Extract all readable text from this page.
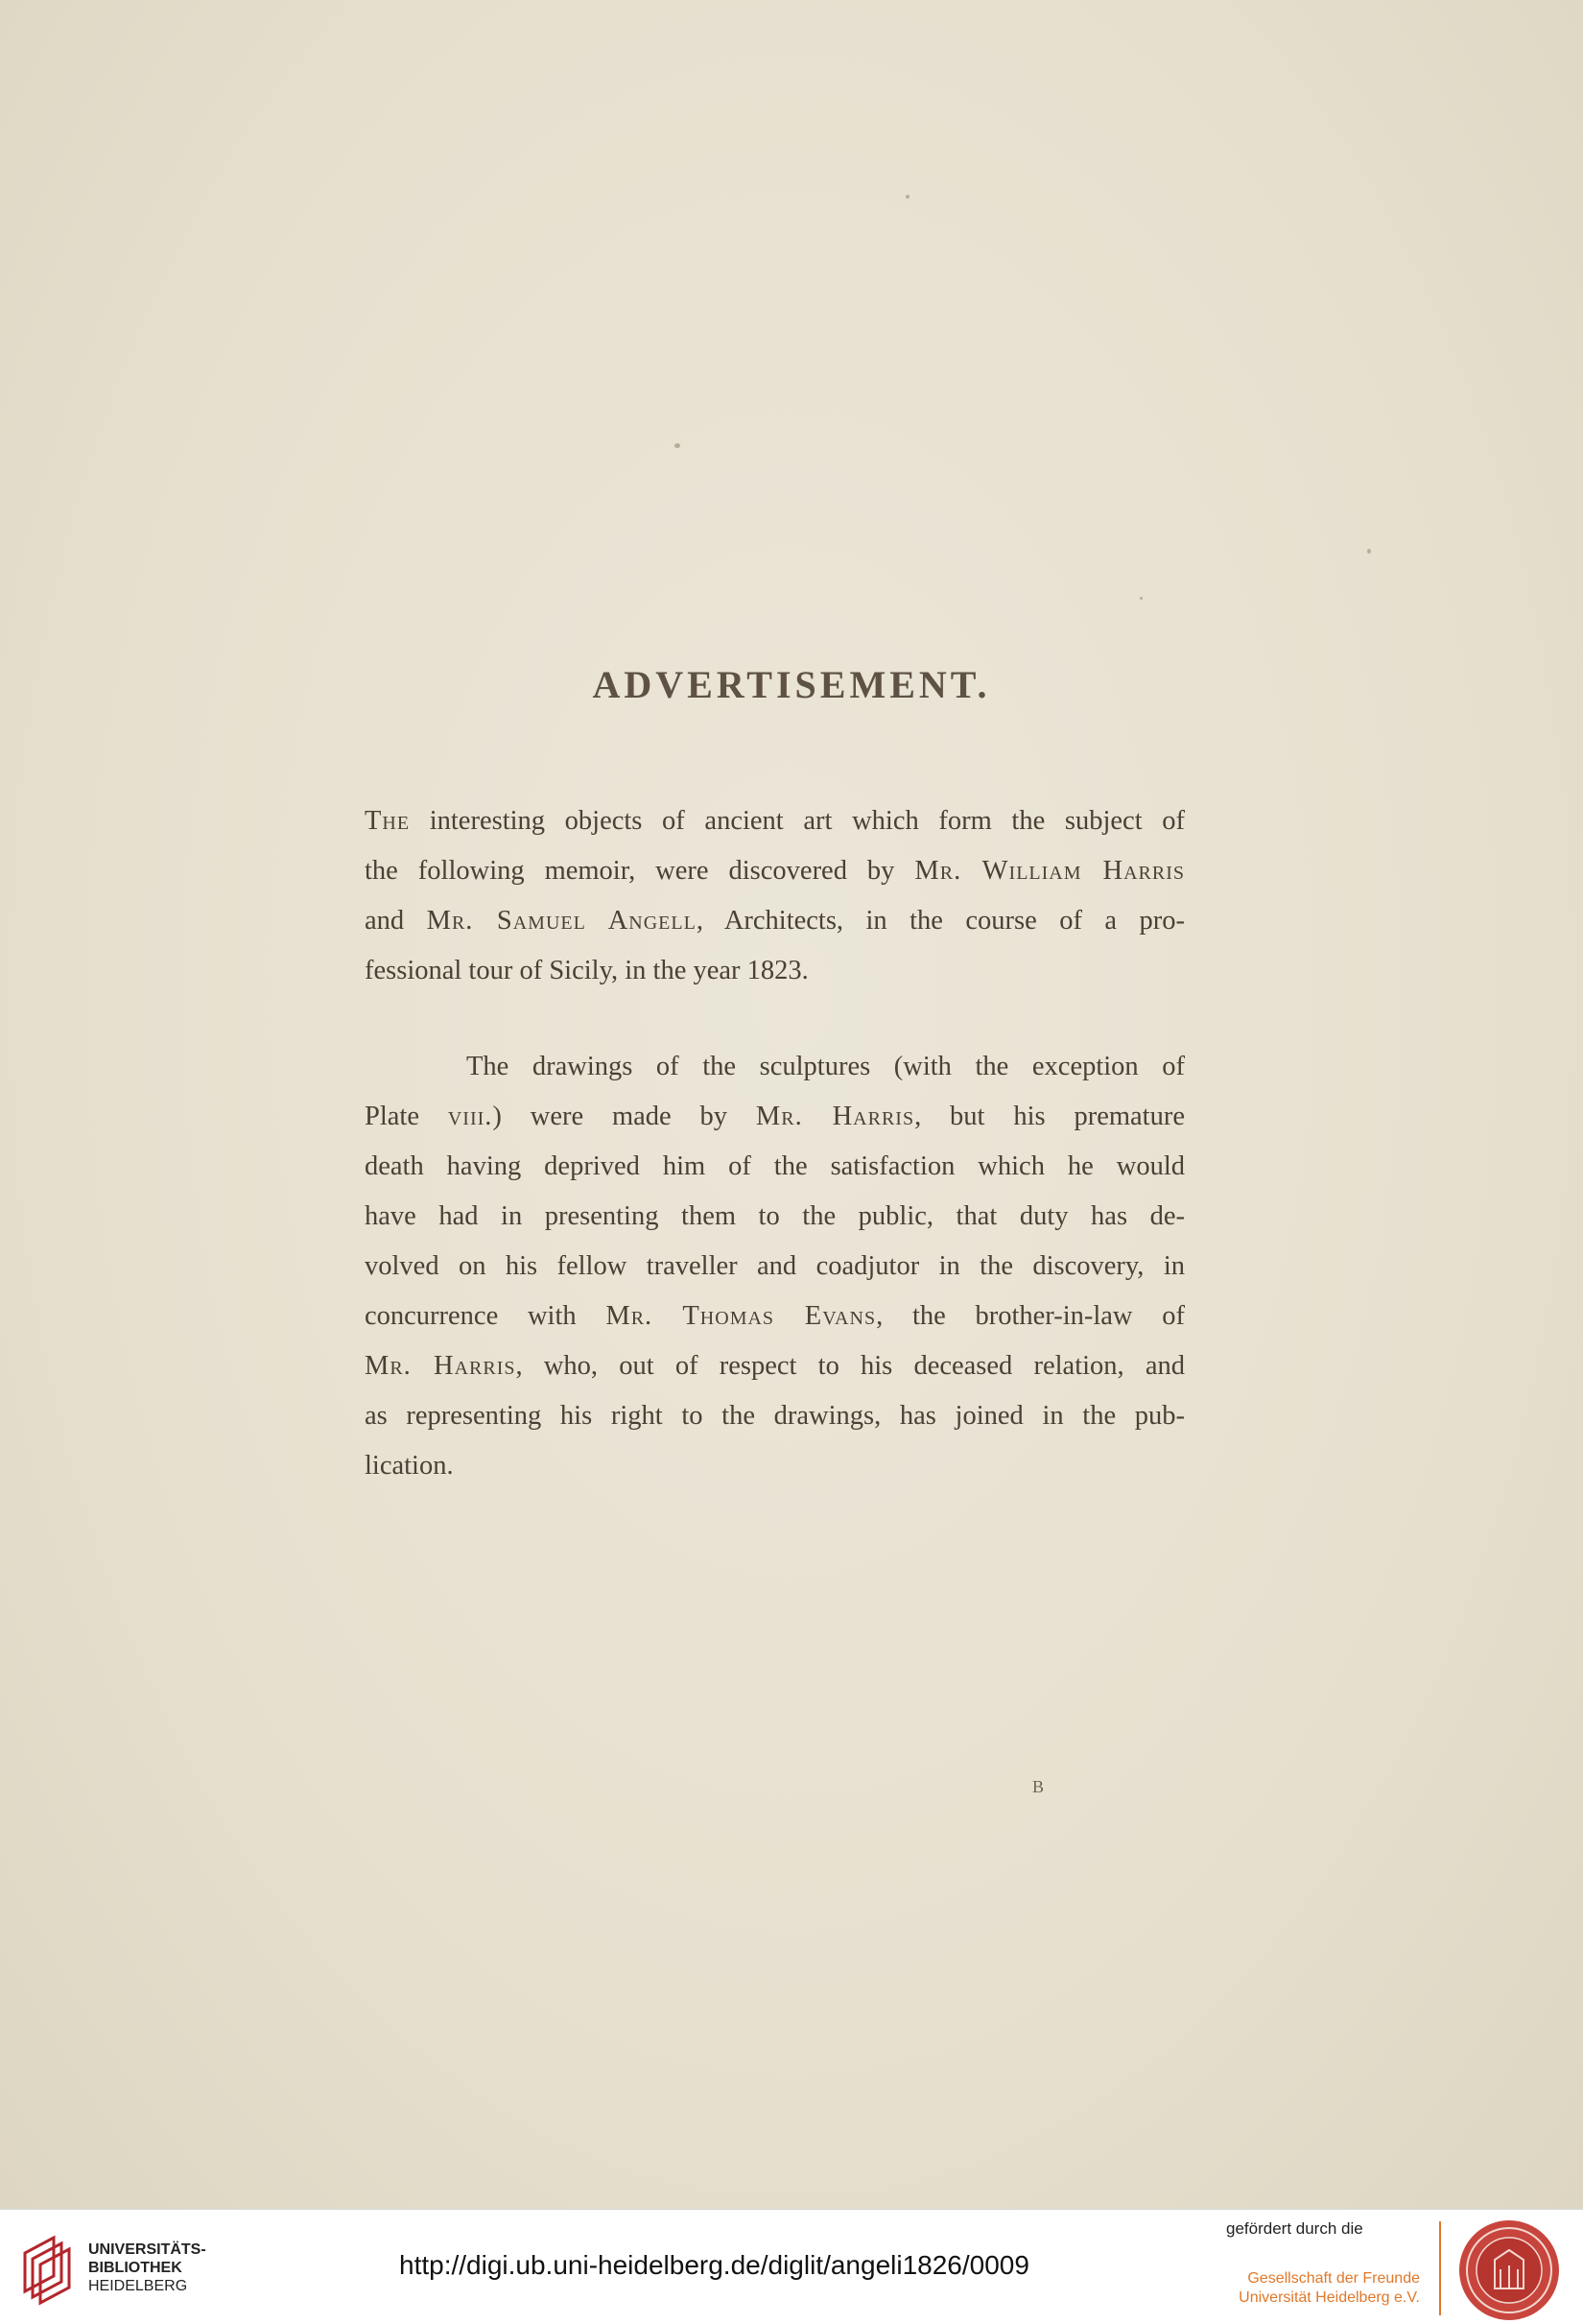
ADVERTISEMENT.
The interesting objects of ancient art which form the subject of
the following memoir, were discovered by Mr. William Harris
and Mr. Samuel Angell, Architects, in the course of a pro-
fessional tour of Sicily, in the year 1823.
The drawings of the sculptures (with the exception of
Plate viii.) were made by Mr. Harris, but his premature
death having deprived him of the satisfaction which he would
have had in presenting them to the public, that duty has de-
volved on his fellow traveller and coadjutor in the discovery, in
concurrence with Mr. Thomas Evans, the brother-in-law of
Mr. Harris, who, out of respect to his deceased relation, and
as representing his right to the drawings, has joined in the pub-
lication.
B
UNIVERSITÄTS-
BIBLIOTHEK
HEIDELBERG
http://digi.ub.uni-heidelberg.de/diglit/angeli1826/0009
gefördert durch die
Gesellschaft der Freunde
Universität Heidelberg e.V.
